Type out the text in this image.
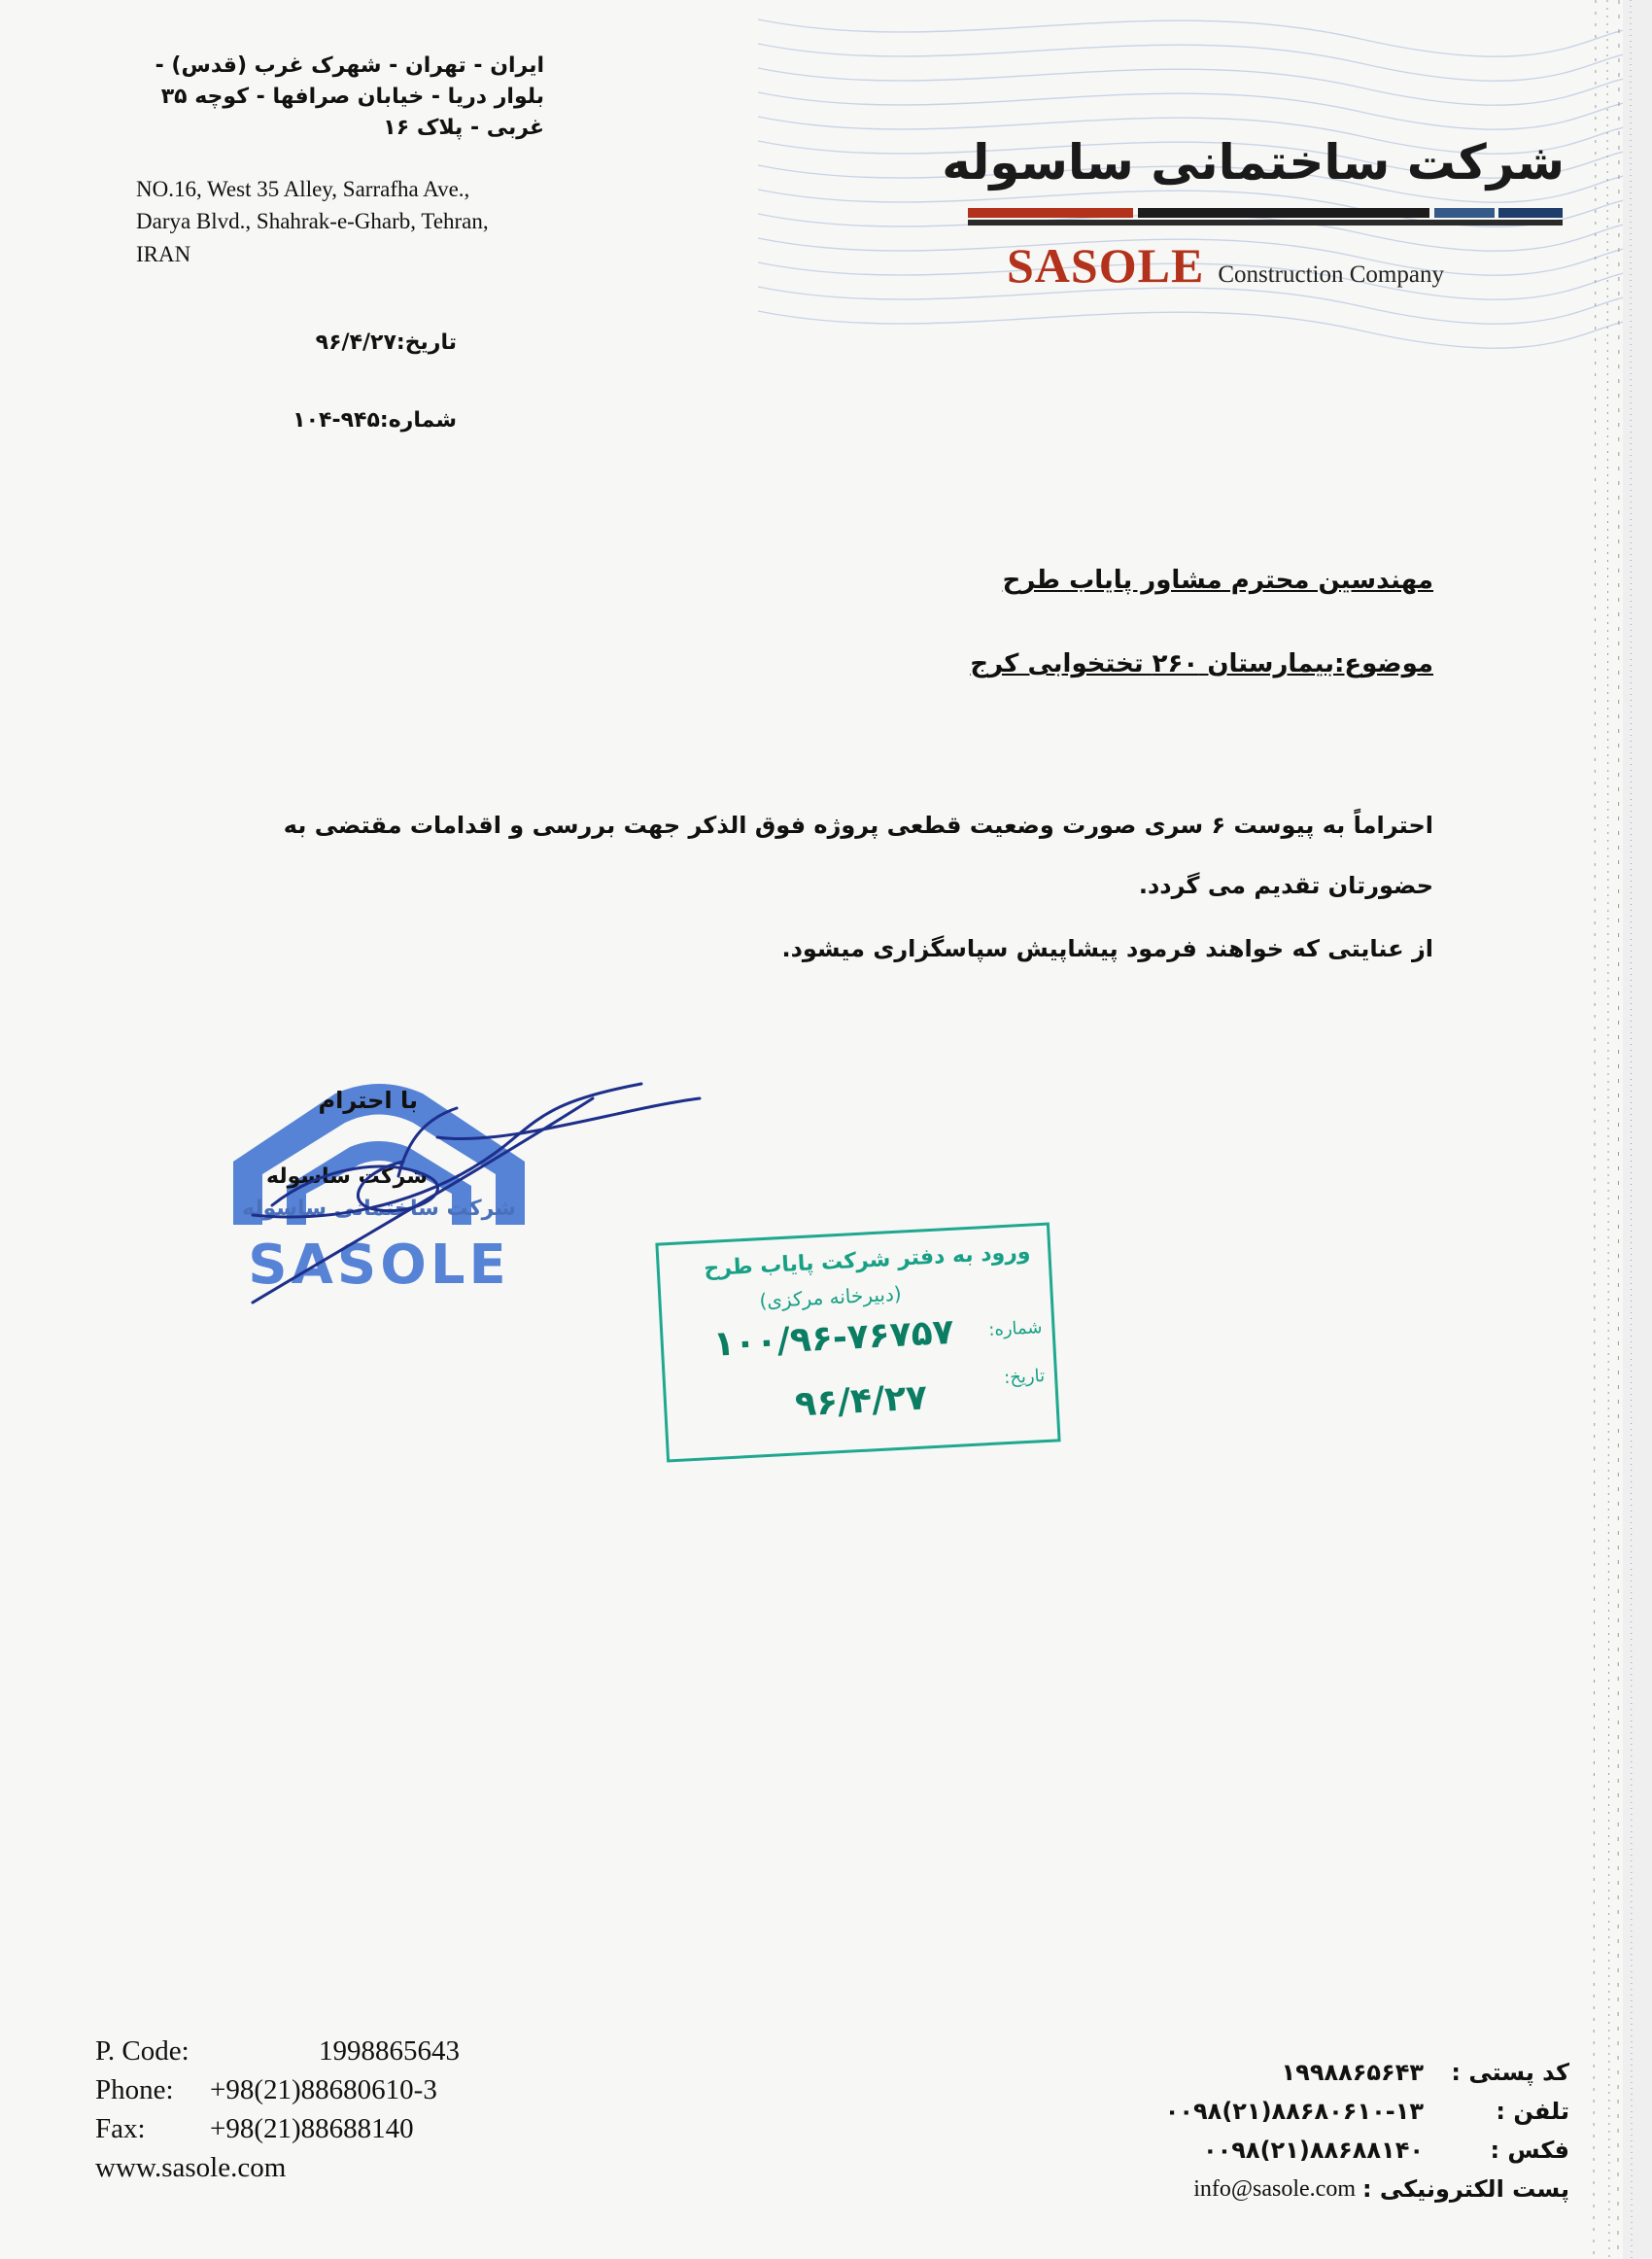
ایران - تهران - شهرک غرب (قدس) -
بلوار دریا - خیابان صرافها - کوچه ۳۵
غربی - پلاک ۱۶
NO.16, West 35 Alley, Sarrafha Ave.,
Darya Blvd., Shahrak-e-Gharb, Tehran,
IRAN
تاریخ:۹۶/۴/۲۷
شماره:۹۴۵-۱۰۴
شرکت ساختمانی ساسوله
SASOLE Construction Company
مهندسین محترم مشاور پایاب طرح
موضوع:بیمارستان ۲۶۰ تختخوابی کرج
احتراماً به پیوست ۶ سری صورت وضعیت قطعی پروژه فوق الذکر جهت بررسی و اقدامات مقتضی به حضورتان تقدیم می گردد.
از عنایتی که خواهند فرمود پیشاپیش سپاسگزاری میشود.
شرکت ساختمانی ساسوله
SASOLE
با احترام
شرکت ساسوله
ورود به دفتر شرکت پایاب طرح
(دبیرخانه مرکزی)
شماره:
۱۰۰/۹۶-۷۶۷۵۷
تاریخ:
۹۶/۴/۲۷
P. Code:	1998865643
Phone: +98(21)88680610-3
Fax: +98(21)88688140
www.sasole.com
کد پستی :
۱۹۹۸۸۶۵۶۴۳
تلفن :
۰۰۹۸(۲۱)۸۸۶۸۰۶۱۰-۱۳
فکس :
۰۰۹۸(۲۱)۸۸۶۸۸۱۴۰
پست الکترونیکی :
info@sasole.com
